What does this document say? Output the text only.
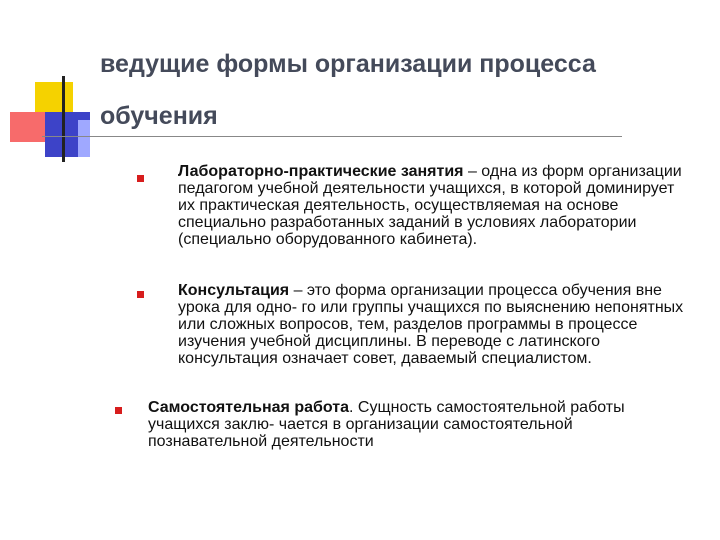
ведущие формы организации процесса обучения
Лабораторно-практические занятия – одна из форм организации педагогом учебной деятельности учащихся, в которой доминирует их практическая деятельность, осуществляемая на основе специально разработанных заданий в условиях лаборатории (специально оборудованного кабинета).
Консультация – это форма организации процесса обучения вне урока для одно- го или группы учащихся по выяснению непонятных или сложных вопросов, тем, разделов программы в процессе изучения учебной дисциплины. В переводе с латинского консультация означает совет, даваемый специалистом.
Самостоятельная работа. Сущность самостоятельной работы учащихся заклю- чается в организации самостоятельной познавательной деятельности
